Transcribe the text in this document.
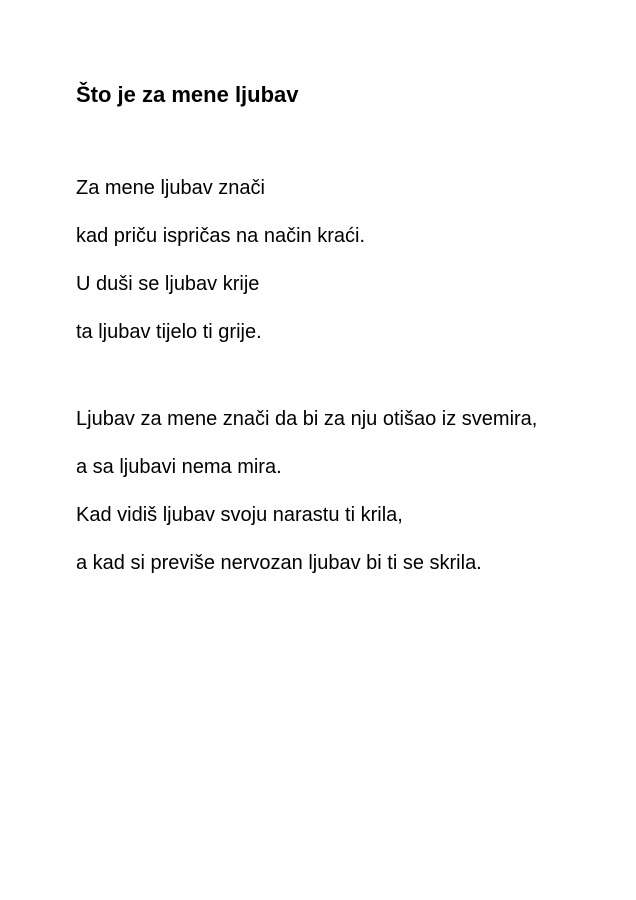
Što je za mene ljubav
Za mene ljubav znači
kad priču ispričas na način kraći.
U duši se ljubav krije
ta ljubav tijelo ti grije.
Ljubav za mene znači da bi za nju otišao iz svemira,
a sa ljubavi nema mira.
Kad vidiš ljubav svoju narastu ti krila,
a kad si previše nervozan ljubav bi ti se skrila.
